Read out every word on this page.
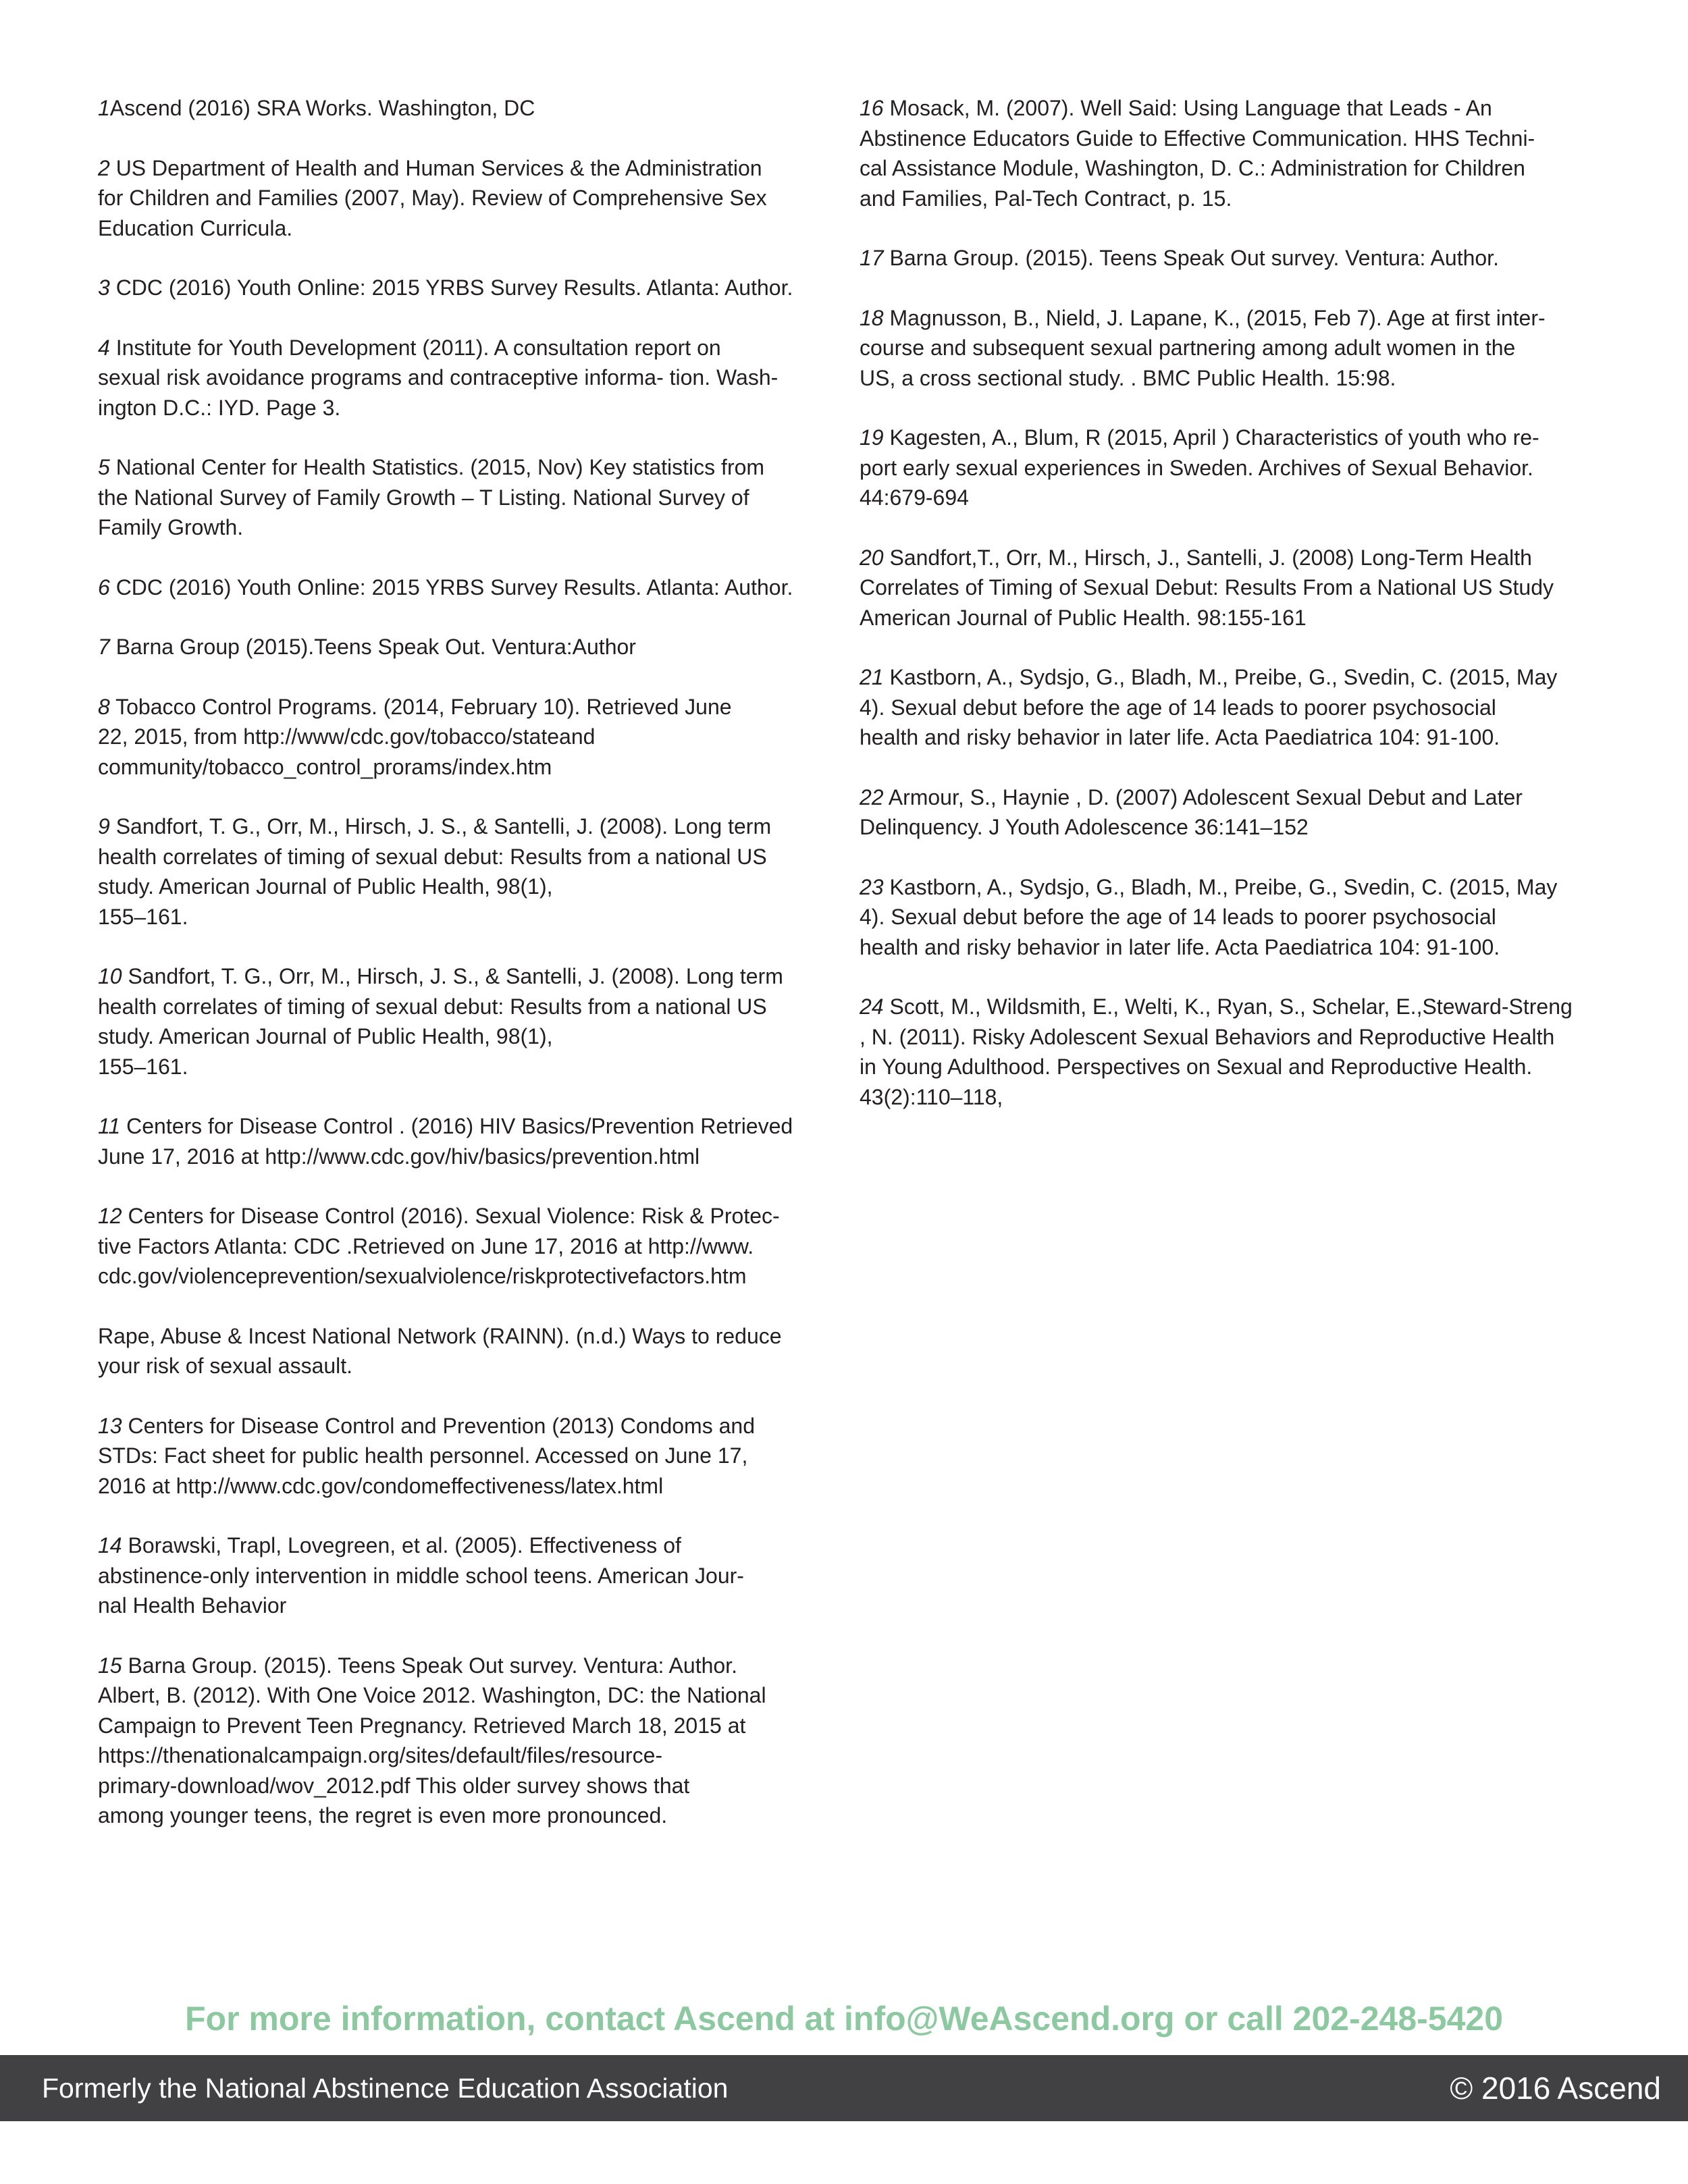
1Ascend (2016) SRA Works. Washington, DC

2 US Department of Health and Human Services & the Administration
for Children and Families (2007, May). Review of Comprehensive Sex
Education Curricula.

3 CDC (2016) Youth Online: 2015 YRBS Survey Results. Atlanta: Author.

4 Institute for Youth Development (2011). A consultation report on
sexual risk avoidance programs and contraceptive informa- tion. Wash-
ington D.C.: IYD. Page 3.

5 National Center for Health Statistics. (2015, Nov) Key statistics from
the National Survey of Family Growth – T Listing. National Survey of
Family Growth.

6 CDC (2016) Youth Online: 2015 YRBS Survey Results. Atlanta: Author.

7 Barna Group (2015).Teens Speak Out. Ventura:Author

8 Tobacco Control Programs. (2014, February 10). Retrieved June
22, 2015, from http://www/cdc.gov/tobacco/stateand
community/tobacco_control_prorams/index.htm

9 Sandfort, T. G., Orr, M., Hirsch, J. S., & Santelli, J. (2008). Long term
health correlates of timing of sexual debut: Results from a national US
study. American Journal of Public Health, 98(1),
155–161.

10 Sandfort, T. G., Orr, M., Hirsch, J. S., & Santelli, J. (2008). Long term
health correlates of timing of sexual debut: Results from a national US
study. American Journal of Public Health, 98(1),
155–161.

11 Centers for Disease Control . (2016) HIV Basics/Prevention Retrieved
June 17, 2016 at http://www.cdc.gov/hiv/basics/prevention.html

12 Centers for Disease Control (2016). Sexual Violence: Risk & Protec-
tive Factors Atlanta: CDC .Retrieved on June 17, 2016 at http://www.
cdc.gov/violenceprevention/sexualviolence/riskprotectivefactors.htm

Rape, Abuse & Incest National Network (RAINN). (n.d.) Ways to reduce
your risk of sexual assault.

13 Centers for Disease Control and Prevention (2013) Condoms and
STDs: Fact sheet for public health personnel. Accessed on June 17,
2016 at http://www.cdc.gov/condomeffectiveness/latex.html

14 Borawski, Trapl, Lovegreen, et al. (2005). Effectiveness of
abstinence-only intervention in middle school teens. American Jour-
nal Health Behavior

15 Barna Group. (2015). Teens Speak Out survey. Ventura: Author.
Albert, B. (2012). With One Voice 2012. Washington, DC: the National
Campaign to Prevent Teen Pregnancy. Retrieved March 18, 2015 at
https://thenationalcampaign.org/sites/default/files/resource-
primary-download/wov_2012.pdf This older survey shows that
among younger teens, the regret is even more pronounced.

16 Mosack, M. (2007). Well Said: Using Language that Leads - An
Abstinence Educators Guide to Effective Communication. HHS Techni-
cal Assistance Module, Washington, D. C.: Administration for Children
and Families, Pal-Tech Contract, p. 15.

17 Barna Group. (2015). Teens Speak Out survey. Ventura: Author.

18 Magnusson, B., Nield, J. Lapane, K., (2015, Feb 7). Age at first inter-
course and subsequent sexual partnering among adult women in the
US, a cross sectional study. . BMC Public Health. 15:98.

19 Kagesten, A., Blum, R (2015, April ) Characteristics of youth who re-
port early sexual experiences in Sweden. Archives of Sexual Behavior.
44:679-694

20 Sandfort,T., Orr, M., Hirsch, J., Santelli, J. (2008) Long-Term Health
Correlates of Timing of Sexual Debut: Results From a National US Study
American Journal of Public Health. 98:155-161

21 Kastborn, A., Sydsjo, G., Bladh, M., Preibe, G., Svedin, C. (2015, May
4). Sexual debut before the age of 14 leads to poorer psychosocial
health and risky behavior in later life. Acta Paediatrica 104: 91-100.

22 Armour, S., Haynie , D. (2007) Adolescent Sexual Debut and Later
Delinquency. J Youth Adolescence 36:141–152

23 Kastborn, A., Sydsjo, G., Bladh, M., Preibe, G., Svedin, C. (2015, May
4). Sexual debut before the age of 14 leads to poorer psychosocial
health and risky behavior in later life. Acta Paediatrica 104: 91-100.

24 Scott, M., Wildsmith, E., Welti, K., Ryan, S., Schelar, E.,Steward-Streng
, N. (2011). Risky Adolescent Sexual Behaviors and Reproductive Health
in Young Adulthood. Perspectives on Sexual and Reproductive Health.
43(2):110–118,

For more information, contact Ascend at info@WeAscend.org or call 202-248-5420
Formerly the National Abstinence Education Association	© 2016 Ascend
